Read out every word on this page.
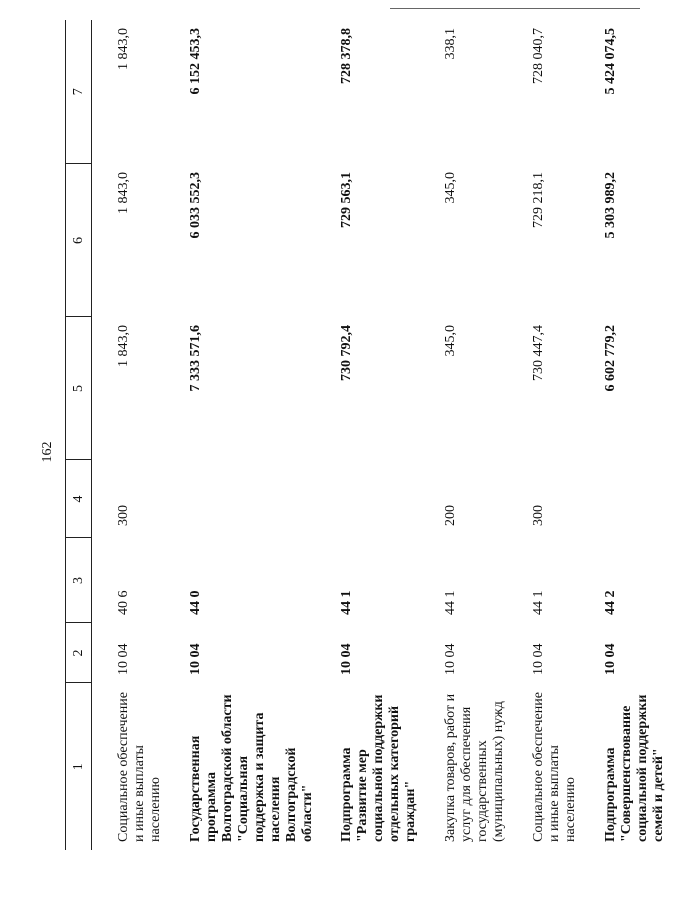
162
1	2	3	4	5	6	7
Социальное обеспечение и иные выплаты населению	10 04	40 6	300	1 843,0	1 843,0	1 843,0
Государственная программа Волгоградской области "Социальная поддержка и защита населения Волгоградской области"	10 04	44 0		7 333 571,6	6 033 552,3	6 152 453,3
Подпрограмма "Развитие мер социальной поддержки отдельных категорий граждан"	10 04	44 1		730 792,4	729 563,1	728 378,8
Закупка товаров, работ и услуг для обеспечения государственных (муниципальных) нужд	10 04	44 1	200	345,0	345,0	338,1
Социальное обеспечение и иные выплаты населению	10 04	44 1	300	730 447,4	729 218,1	728 040,7
Подпрограмма "Совершенствование социальной поддержки семей и детей"	10 04	44 2		6 602 779,2	5 303 989,2	5 424 074,5
